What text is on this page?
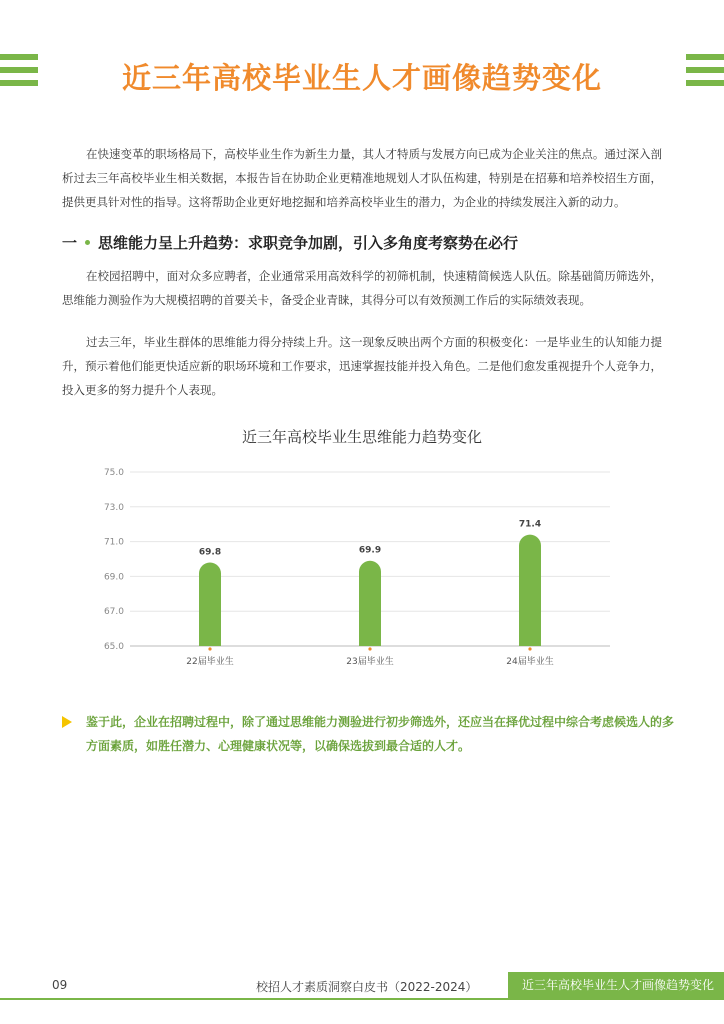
近三年高校毕业生人才画像趋势变化

在快速变革的职场格局下，高校毕业生作为新生力量，其人才特质与发展方向已成为企业关注的焦点。通过深入剖析过去三年高校毕业生相关数据，本报告旨在协助企业更精准地规划人才队伍构建，特别是在招募和培养校招生方面，提供更具针对性的指导。这将帮助企业更好地挖掘和培养高校毕业生的潜力，为企业的持续发展注入新的动力。

一 思维能力呈上升趋势：求职竞争加剧，引入多角度考察势在必行

在校园招聘中，面对众多应聘者，企业通常采用高效科学的初筛机制，快速精简候选人队伍。除基础简历筛选外，思维能力测验作为大规模招聘的首要关卡，备受企业青睐，其得分可以有效预测工作后的实际绩效表现。

过去三年，毕业生群体的思维能力得分持续上升。这一现象反映出两个方面的积极变化：一是毕业生的认知能力提升，预示着他们能更快适应新的职场环境和工作要求，迅速掌握技能并投入角色。二是他们愈发重视提升个人竞争力，投入更多的努力提升个人表现。

近三年高校毕业生思维能力趋势变化
65.0
67.0
69.0
71.0
73.0
75.0
69.8
22届毕业生
69.9
23届毕业生
71.4
24届毕业生
鉴于此，企业在招聘过程中，除了通过思维能力测验进行初步筛选外，还应当在择优过程中综合考虑候选人的多方面素质，如胜任潜力、心理健康状况等，以确保选拔到最合适的人才。
09	校招人才素质洞察白皮书（2022-2024）	近三年高校毕业生人才画像趋势变化
